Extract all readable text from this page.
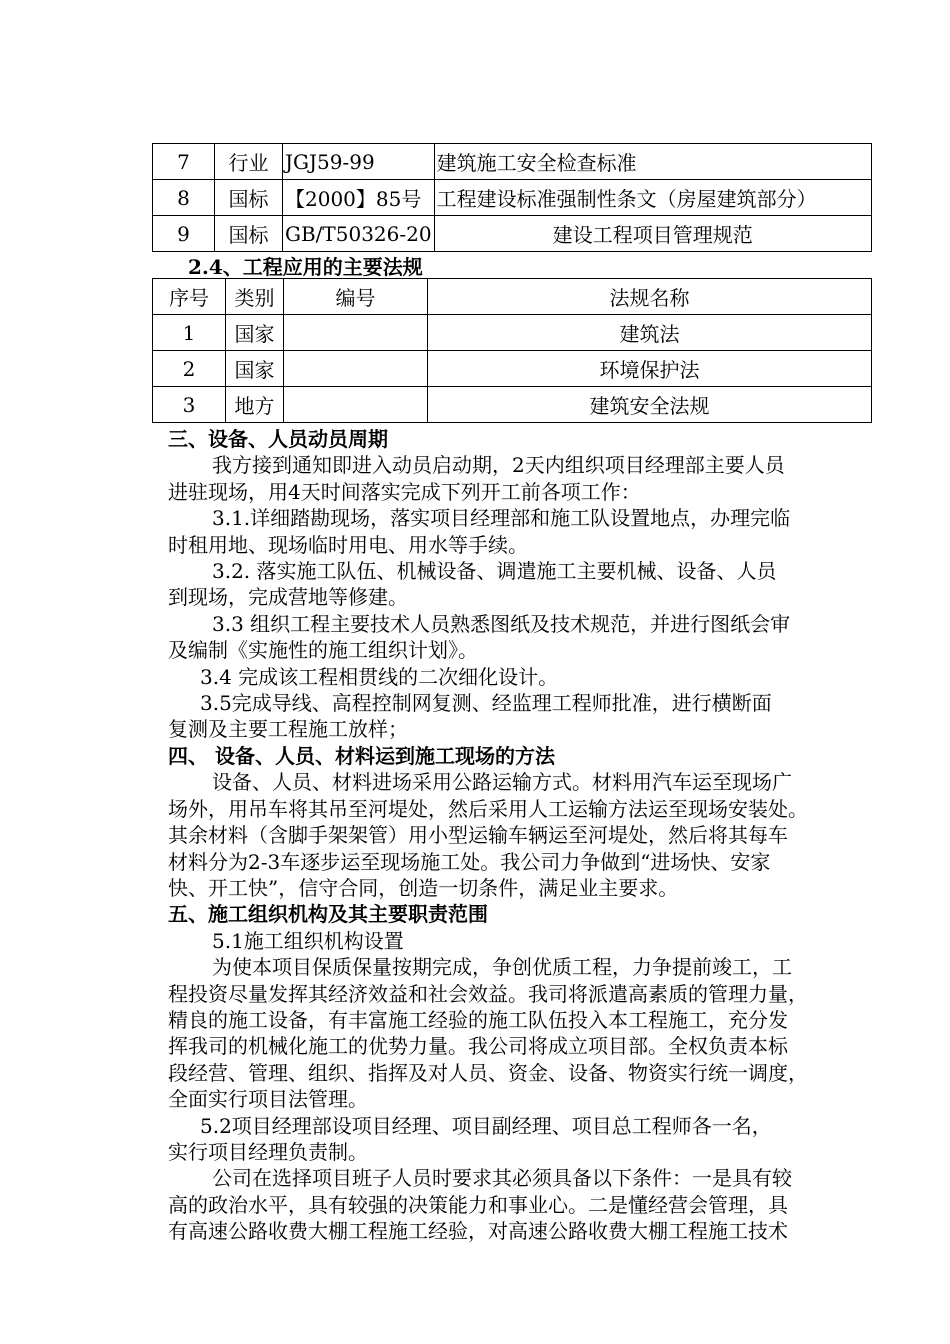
7	行业	JGJ59-99	建筑施工安全检查标准
8	国标	【2000】85号	工程建设标准强制性条文（房屋建筑部分）
9	国标	GB/T50326-20	建设工程项目管理规范
2.4、工程应用的主要法规
序号	类别	编号	法规名称
1	国家		建筑法
2	国家		环境保护法
3	地方		建筑安全法规

三、设备、人员动员周期

我方接到通知即进入动员启动期，2天内组织项目经理部主要人员

进驻现场，用4天时间落实完成下列开工前各项工作：

3.1.详细踏勘现场，落实项目经理部和施工队设置地点，办理完临

时租用地、现场临时用电、用水等手续。

3.2. 落实施工队伍、机械设备、调遣施工主要机械、设备、人员

到现场，完成营地等修建。

3.3 组织工程主要技术人员熟悉图纸及技术规范，并进行图纸会审

及编制《实施性的施工组织计划》。

3.4 完成该工程相贯线的二次细化设计。

3.5完成导线、高程控制网复测、经监理工程师批准，进行横断面

复测及主要工程施工放样；

四、 设备、人员、材料运到施工现场的方法

设备、人员、材料进场采用公路运输方式。材料用汽车运至现场广

场外，用吊车将其吊至河堤处，然后采用人工运输方法运至现场安装处。

其余材料（含脚手架架管）用小型运输车辆运至河堤处，然后将其每车

材料分为2-3车逐步运至现场施工处。我公司力争做到“进场快、安家

快、开工快”，信守合同，创造一切条件，满足业主要求。

五、施工组织机构及其主要职责范围

5.1施工组织机构设置

为使本项目保质保量按期完成，争创优质工程，力争提前竣工，工

程投资尽量发挥其经济效益和社会效益。我司将派遣高素质的管理力量，

精良的施工设备，有丰富施工经验的施工队伍投入本工程施工，充分发

挥我司的机械化施工的优势力量。我公司将成立项目部。全权负责本标

段经营、管理、组织、指挥及对人员、资金、设备、物资实行统一调度，

全面实行项目法管理。

5.2项目经理部设项目经理、项目副经理、项目总工程师各一名，

实行项目经理负责制。

公司在选择项目班子人员时要求其必须具备以下条件：一是具有较

高的政治水平，具有较强的决策能力和事业心。二是懂经营会管理，具

有高速公路收费大棚工程施工经验，对高速公路收费大棚工程施工技术
